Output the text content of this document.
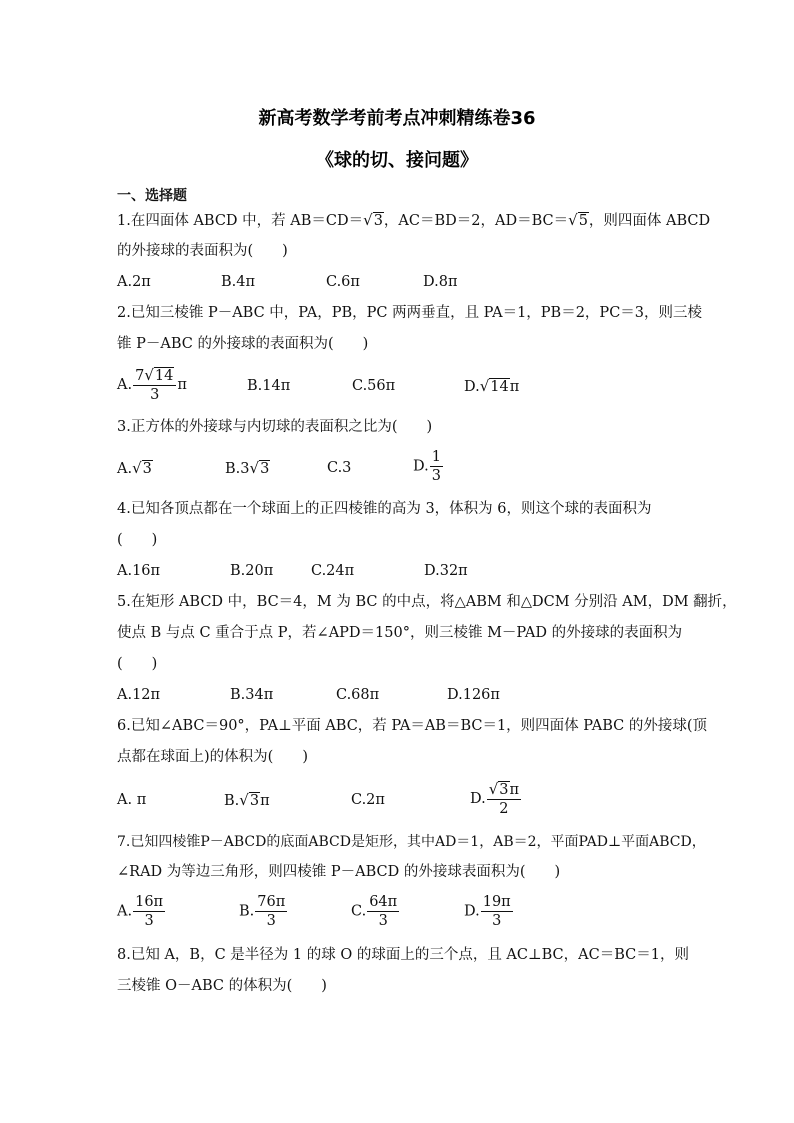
新高考数学考前考点冲刺精练卷36
《球的切、接问题》
一、选择题
1.在四面体 ABCD 中，若 AB＝CD＝√3，AC＝BD＝2，AD＝BC＝√5，则四面体 ABCD
的外接球的表面积为(　　)
A.2π	B.4π	C.6π	D.8π
2.已知三棱锥 P－ABC 中，PA，PB，PC 两两垂直，且 PA＝1，PB＝2，PC＝3，则三棱
锥 P－ABC 的外接球的表面积为(　　)
A. $\frac{7√14}{3}$ π	B.14π	C.56π	D.√14π
3.正方体的外接球与内切球的表面积之比为(　　)
A.√3	B.3√3	C.3	D. $\frac{1}{3}$
4.已知各顶点都在一个球面上的正四棱锥的高为 3，体积为 6，则这个球的表面积为
(　　)
A.16π	B.20π	C.24π	D.32π
5.在矩形 ABCD 中，BC＝4，M 为 BC 的中点，将△ABM 和△DCM 分别沿 AM，DM 翻折，
使点 B 与点 C 重合于点 P，若∠APD＝150°，则三棱锥 M－PAD 的外接球的表面积为
(　　)
A.12π	B.34π	C.68π	D.126π
6.已知∠ABC＝90°，PA⊥平面 ABC，若 PA＝AB＝BC＝1，则四面体 PABC 的外接球(顶
点都在球面上)的体积为(　　)
A. π	B.√3π	C.2π	D. $\frac{√3\pi}{2}$
7.已知四棱锥P－ABCD的底面ABCD是矩形，其中AD＝1，AB＝2，平面PAD⊥平面ABCD，
∠RAD 为等边三角形，则四棱锥 P－ABCD 的外接球表面积为(　　)
A. $\frac{16\pi}{3}$	B. $\frac{76\pi}{3}$	C. $\frac{64\pi}{3}$	D. $\frac{19\pi}{3}$
8.已知 A，B，C 是半径为 1 的球 O 的球面上的三个点，且 AC⊥BC，AC＝BC＝1，则
三棱锥 O－ABC 的体积为(　　)
